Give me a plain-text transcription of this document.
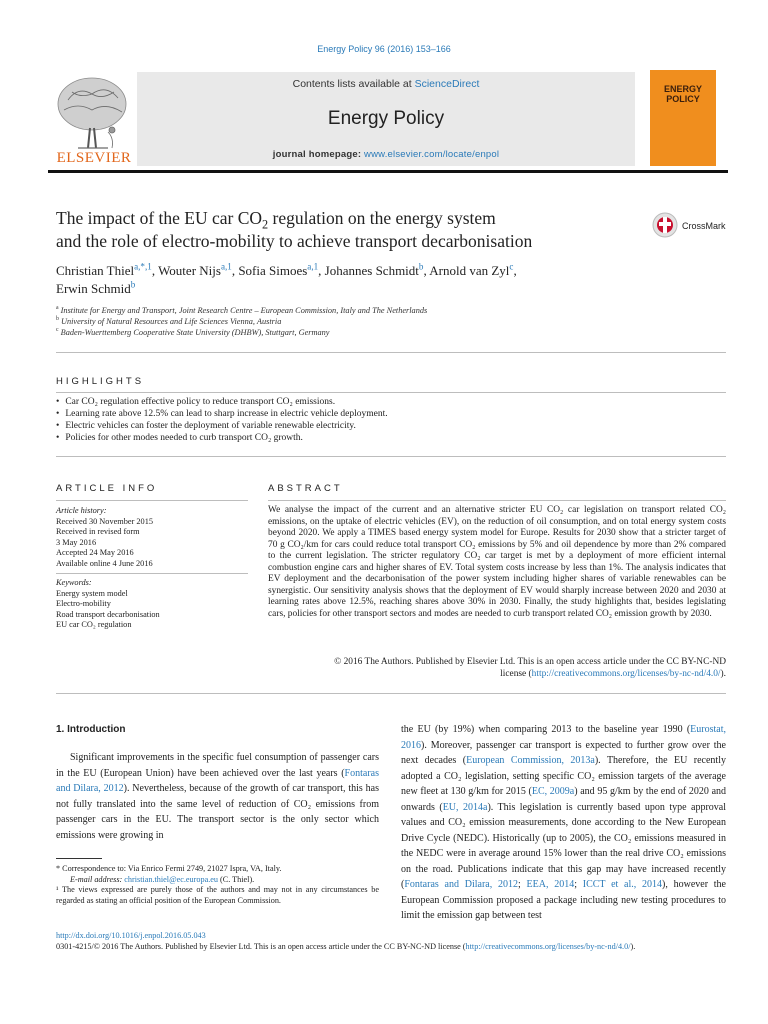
Energy Policy 96 (2016) 153–166
Contents lists available at ScienceDirect
Energy Policy
journal homepage: www.elsevier.com/locate/enpol
ELSEVIER
ENERGY
POLICY
The impact of the EU car $CO_2$ regulation on the energy system
and the role of electro-mobility to achieve transport decarbonisation
CrossMark
Christian Thiel$^{a,*,1}$, Wouter Nijs$^{a,1}$, Sofia Simoes$^{a,1}$, Johannes Schmidt$^b$, Arnold van Zyl$^c$,
Erwin Schmid$^b$
$^a$ Institute for Energy and Transport, Joint Research Centre – European Commission, Italy and The Netherlands
$^b$ University of Natural Resources and Life Sciences Vienna, Austria
$^c$ Baden-Wuerttemberg Cooperative State University (DHBW), Stuttgart, Germany
HIGHLIGHTS
• Car CO₂ regulation effective policy to reduce transport CO₂ emissions.
• Learning rate above 12.5% can lead to sharp increase in electric vehicle deployment.
• Electric vehicles can foster the deployment of variable renewable electricity.
• Policies for other modes needed to curb transport CO₂ growth.
ARTICLE INFO	ABSTRACT
Article history:
Received 30 November 2015
Received in revised form
3 May 2016
Accepted 24 May 2016
Available online 4 June 2016
Keywords:
Energy system model
Electro-mobility
Road transport decarbonisation
EU car CO₂ regulation
We analyse the impact of the current and an alternative stricter EU CO₂ car legislation on transport related CO₂ emissions, on the uptake of electric vehicles (EV), on the reduction of oil consumption, and on total energy system costs beyond 2020. We apply a TIMES based energy system model for Europe. Results for 2030 show that a stricter target of 70 g CO₂/km for cars could reduce total transport CO₂ emissions by 5% and oil dependence by more than 2% compared to the current legislation. The stricter regulatory CO₂ car target is met by a deployment of more efficient internal combustion engine cars and higher shares of EV. Total system costs increase by less than 1%. The analysis indicates that EV deployment and the decarbonisation of the power system including higher shares of variable renewables can be synergistic. Our sensitivity analysis shows that the deployment of EV would sharply increase between 2020 and 2030 at learning rates above 12.5%, reaching shares above 30% in 2030. Finally, the study highlights that, besides legislating cars, policies for other transport sectors and modes are needed to curb transport related CO₂ emission growth by 2030.
© 2016 The Authors. Published by Elsevier Ltd. This is an open access article under the CC BY-NC-ND
license (http://creativecommons.org/licenses/by-nc-nd/4.0/).
1. Introduction
Significant improvements in the specific fuel consumption of passenger cars in the EU (European Union) have been achieved over the last years (Fontaras and Dilara, 2012). Nevertheless, because of the growth of car transport, this has not fully translated into the same level of reduction of CO₂ emissions from passenger cars in the EU. The transport sector is the only sector which emissions were growing in

* Correspondence to: Via Enrico Fermi 2749, 21027 Ispra, VA, Italy.

E-mail address: christian.thiel@ec.europa.eu (C. Thiel).

¹ The views expressed are purely those of the authors and may not in any circumstances be regarded as stating an official position of the European Commission.

the EU (by 19%) when comparing 2013 to the baseline year 1990 (Eurostat, 2016). Moreover, passenger car transport is expected to further grow over the next decades (European Commission, 2013a). Therefore, the EU recently adopted a CO₂ legislation, setting specific CO₂ emission targets of the average new fleet at 130 g/km for 2015 (EC, 2009a) and 95 g/km by the end of 2020 and onwards (EU, 2014a). This legislation is currently based upon type approval values and CO₂ emission measurements, done according to the New European Drive Cycle (NEDC). Historically (up to 2005), the CO₂ emissions measured in the NEDC were in average around 15% lower than the real drive CO₂ emissions on the road. Publications indicate that this gap may have increased recently (Fontaras and Dilara, 2012; EEA, 2014; ICCT et al., 2014), however the European Commission proposed a package including new testing procedures to limit the emission gap between test
http://dx.doi.org/10.1016/j.enpol.2016.05.043
0301-4215/© 2016 The Authors. Published by Elsevier Ltd. This is an open access article under the CC BY-NC-ND license (http://creativecommons.org/licenses/by-nc-nd/4.0/).
